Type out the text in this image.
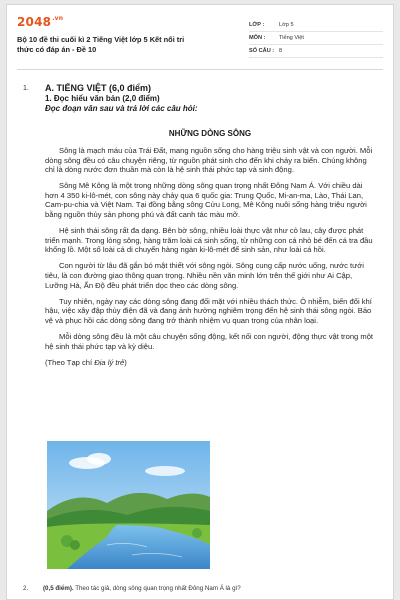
$2048^{.vn}$
Bộ 10 đề thi cuối kì 2 Tiếng Việt lớp 5 Kết nối tri thức có đáp án - Đề 10
LỚP :	Lớp 5
MÔN :	Tiếng Việt
SỐ CÂU : 8
1. A. TIẾNG VIỆT (6,0 điểm)
1. Đọc hiểu văn bản (2,0 điểm)
Đọc đoạn văn sau và trả lời các câu hỏi:
NHỮNG DÒNG SÔNG

Sông là mạch máu của Trái Đất, mang nguồn sống cho hàng triệu sinh vật và con người. Mỗi dòng sông đều có câu chuyện riêng, từ nguồn phát sinh cho đến khi chảy ra biển. Chúng không chỉ là dòng nước đơn thuần mà còn là hệ sinh thái phức tạp và sinh động.

Sông Mê Kông là một trong những dòng sông quan trọng nhất Đông Nam Á. Với chiều dài hơn 4 350 ki-lô-mét, con sông này chảy qua 6 quốc gia: Trung Quốc, Mi-an-ma, Lào, Thái Lan, Cam-pu-chia và Việt Nam. Tại đồng bằng sông Cửu Long, Mê Kông nuôi sống hàng triệu người bằng nguồn thủy sản phong phú và đất canh tác màu mỡ.

Hệ sinh thái sông rất đa dạng. Bên bờ sông, nhiều loài thực vật như cỏ lau, cây được phát triển mạnh. Trong lòng sông, hàng trăm loài cá sinh sống, từ những con cá nhỏ bé đến cá tra đầu khổng lồ. Một số loài cá di chuyển hàng ngàn ki-lô-mét để sinh sản, như loài cá hồi.

Con người từ lâu đã gắn bó mật thiết với sông ngòi. Sông cung cấp nước uống, nước tưới tiêu, là con đường giao thông quan trọng. Nhiều nền văn minh lớn trên thế giới như Ai Cập, Lưỡng Hà, Ấn Độ đều phát triển dọc theo các dòng sông.

Tuy nhiên, ngày nay các dòng sông đang đối mặt với nhiều thách thức. Ô nhiễm, biến đổi khí hậu, việc xây đập thủy điện đã và đang ảnh hưởng nghiêm trọng đến hệ sinh thái sông ngòi. Bảo vệ và phục hồi các dòng sông đang trở thành nhiệm vụ quan trọng của nhân loại.

Mỗi dòng sông đều là một câu chuyện sống động, kết nối con người, động thực vật trong một hệ sinh thái phức tạp và kỳ diệu.

(Theo Tạp chí Địa lý trẻ)
2.	(0,5 điểm). Theo tác giả, dòng sông quan trọng nhất Đông Nam Á là gì?
